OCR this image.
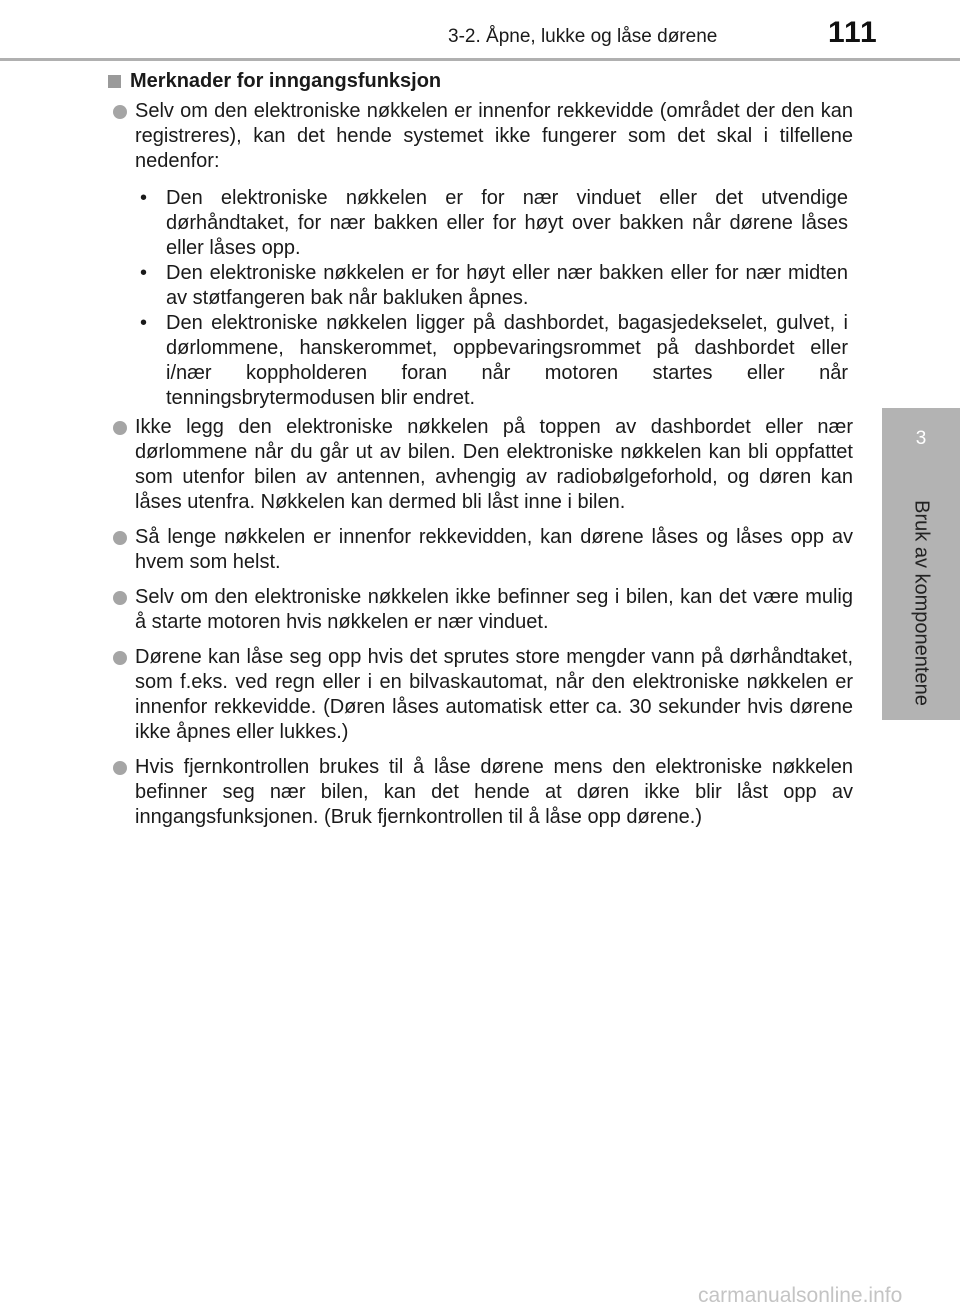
3-2. Åpne, lukke og låse dørene	111
3
Bruk av komponentene
Merknader for inngangsfunksjon
Selv om den elektroniske nøkkelen er innenfor rekkevidde (området der den kan registreres), kan det hende systemet ikke fungerer som det skal i tilfellene nedenfor:
• Den elektroniske nøkkelen er for nær vinduet eller det utvendige dørhåndtaket, for nær bakken eller for høyt over bakken når dørene låses eller låses opp.
• Den elektroniske nøkkelen er for høyt eller nær bakken eller for nær midten av støtfangeren bak når bakluken åpnes.
• Den elektroniske nøkkelen ligger på dashbordet, bagasjedekselet, gulvet, i dørlommene, hanskerommet, oppbevaringsrommet på dashbordet eller i/nær koppholderen foran når motoren startes eller når tenningsbrytermodusen blir endret.
Ikke legg den elektroniske nøkkelen på toppen av dashbordet eller nær dørlommene når du går ut av bilen. Den elektroniske nøkkelen kan bli oppfattet som utenfor bilen av antennen, avhengig av radiobølgeforhold, og døren kan låses utenfra. Nøkkelen kan dermed bli låst inne i bilen.
Så lenge nøkkelen er innenfor rekkevidden, kan dørene låses og låses opp av hvem som helst.
Selv om den elektroniske nøkkelen ikke befinner seg i bilen, kan det være mulig å starte motoren hvis nøkkelen er nær vinduet.
Dørene kan låse seg opp hvis det sprutes store mengder vann på dørhåndtaket, som f.eks. ved regn eller i en bilvaskautomat, når den elektroniske nøkkelen er innenfor rekkevidde. (Døren låses automatisk etter ca. 30 sekunder hvis dørene ikke åpnes eller lukkes.)
Hvis fjernkontrollen brukes til å låse dørene mens den elektroniske nøkkelen befinner seg nær bilen, kan det hende at døren ikke blir låst opp av inngangsfunksjonen. (Bruk fjernkontrollen til å låse opp dørene.)
carmanualsonline.info
